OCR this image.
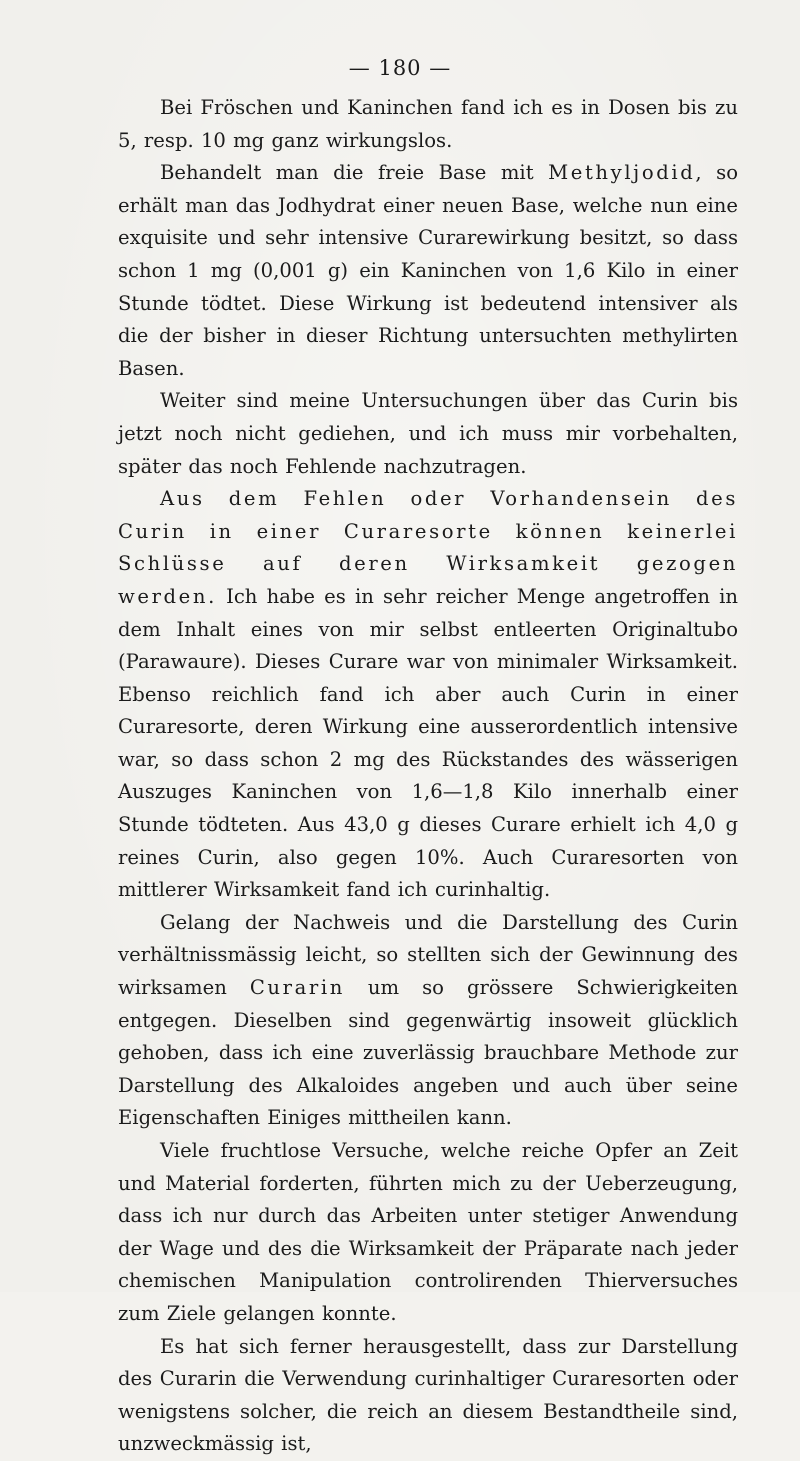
— 180 —

Bei Fröschen und Kaninchen fand ich es in Dosen bis zu 5, resp. 10 mg ganz wirkungslos.

Behandelt man die freie Base mit Methyljodid, so erhält man das Jodhydrat einer neuen Base, welche nun eine exquisite und sehr intensive Curarewirkung besitzt, so dass schon 1 mg (0,001 g) ein Kaninchen von 1,6 Kilo in einer Stunde tödtet. Diese Wirkung ist bedeutend intensiver als die der bisher in dieser Richtung untersuchten methylirten Basen.

Weiter sind meine Untersuchungen über das Curin bis jetzt noch nicht gediehen, und ich muss mir vorbehalten, später das noch Fehlende nachzutragen.

Aus dem Fehlen oder Vorhandensein des Curin in einer Curaresorte können keinerlei Schlüsse auf deren Wirksamkeit gezogen werden. Ich habe es in sehr reicher Menge angetroffen in dem Inhalt eines von mir selbst entleerten Originaltubo (Parawaure). Dieses Curare war von minimaler Wirksamkeit. Ebenso reichlich fand ich aber auch Curin in einer Curaresorte, deren Wirkung eine ausserordentlich intensive war, so dass schon 2 mg des Rückstandes des wässerigen Auszuges Kaninchen von 1,6—1,8 Kilo innerhalb einer Stunde tödteten. Aus 43,0 g dieses Curare erhielt ich 4,0 g reines Curin, also gegen 10%. Auch Curaresorten von mittlerer Wirksamkeit fand ich curinhaltig.

Gelang der Nachweis und die Darstellung des Curin verhältnissmässig leicht, so stellten sich der Gewinnung des wirksamen Curarin um so grössere Schwierigkeiten entgegen. Dieselben sind gegenwärtig insoweit glücklich gehoben, dass ich eine zuverlässig brauchbare Methode zur Darstellung des Alkaloides angeben und auch über seine Eigenschaften Einiges mittheilen kann.

Viele fruchtlose Versuche, welche reiche Opfer an Zeit und Material forderten, führten mich zu der Ueberzeugung, dass ich nur durch das Arbeiten unter stetiger Anwendung der Wage und des die Wirksamkeit der Präparate nach jeder chemischen Manipulation controlirenden Thierversuches zum Ziele gelangen konnte.

Es hat sich ferner herausgestellt, dass zur Darstellung des Curarin die Verwendung curinhaltiger Curaresorten oder wenigstens solcher, die reich an diesem Bestandtheile sind, unzweckmässig ist,
